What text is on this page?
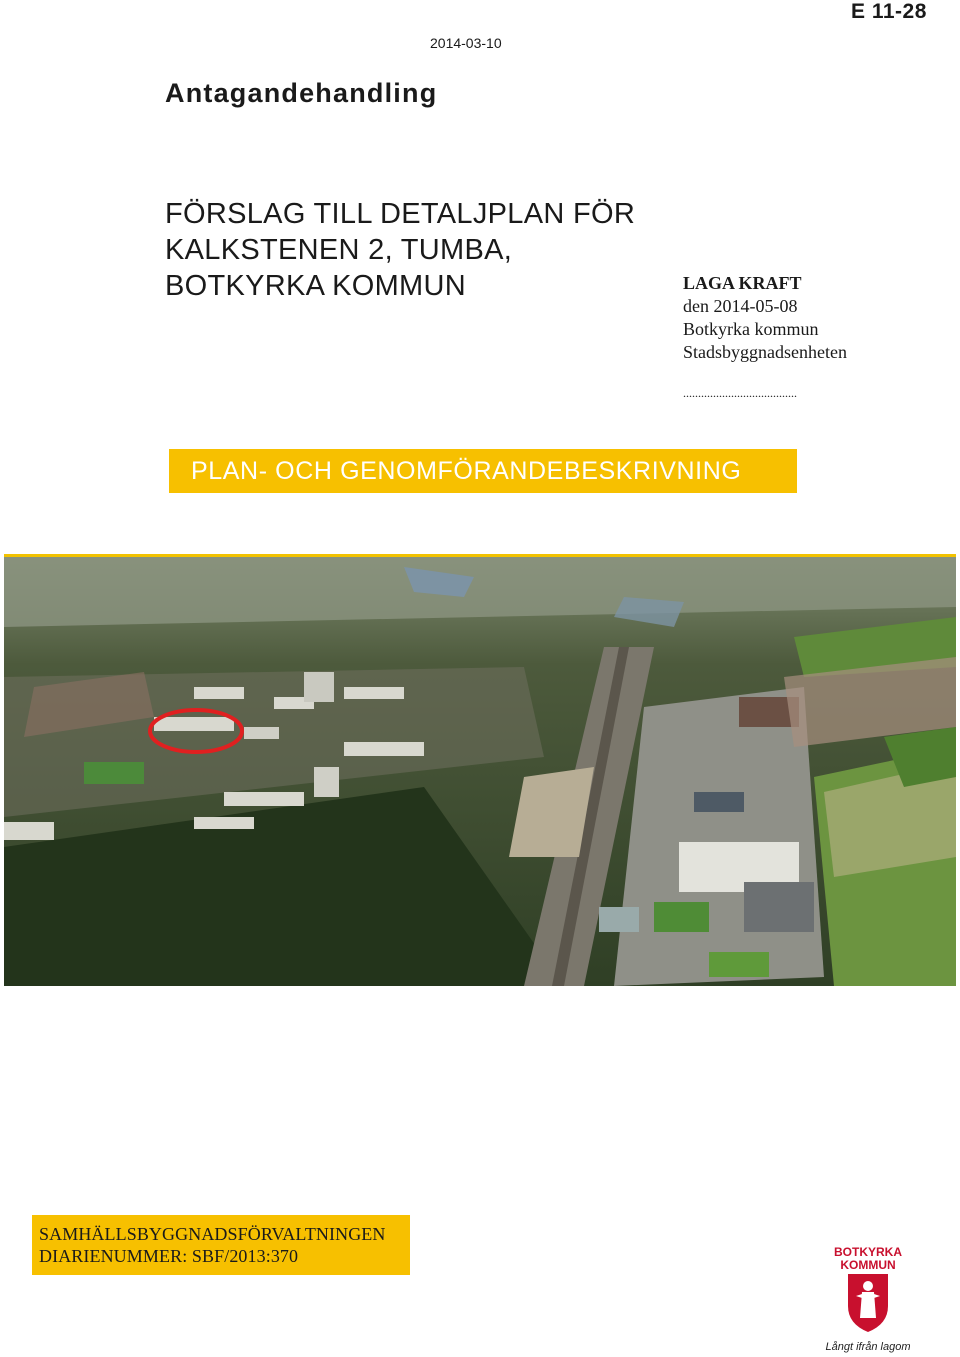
E 11-28
2014-03-10
Antagandehandling
FÖRSLAG TILL DETALJPLAN FÖR
KALKSTENEN 2, TUMBA,
BOTKYRKA KOMMUN	LAGA KRAFT
den 2014-05-08
Botkyrka kommun
Stadsbyggnadsenheten
......................................
PLAN- OCH GENOMFÖRANDEBESKRIVNING
SAMHÄLLSBYGGNADSFÖRVALTNINGEN
DIARIENUMMER: SBF/2013:370	BOTKYRKA
KOMMUN
Långt ifrån lagom
